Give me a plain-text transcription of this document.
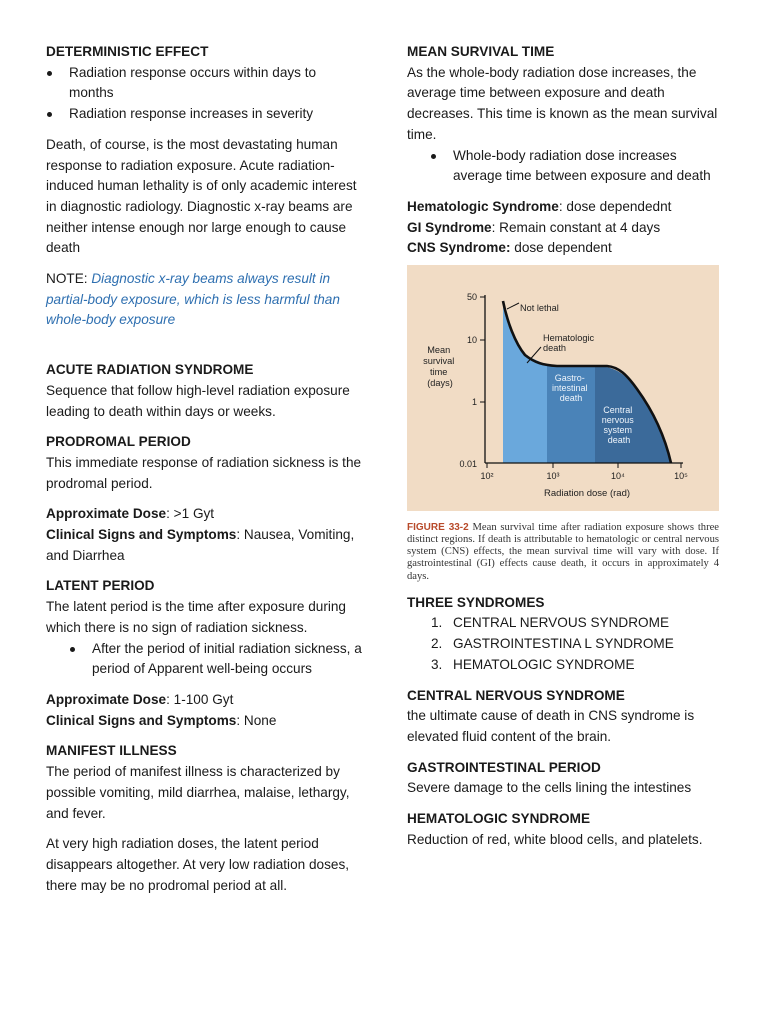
DETERMINISTIC EFFECT
Radiation response occurs within days to months
Radiation response increases in severity

Death, of course, is the most devastating human response to radiation exposure. Acute radiation-induced human lethality is of only academic interest in diagnostic radiology. Diagnostic x-ray beams are neither intense enough nor large enough to cause death

NOTE: Diagnostic x-ray beams always result in partial-body exposure, which is less harmful than whole-body exposure

ACUTE RADIATION SYNDROME

Sequence that follow high-level radiation exposure leading to death within days or weeks.

PRODROMAL PERIOD

This immediate response of radiation sickness is the prodromal period.

Approximate Dose: >1 Gyt

Clinical Signs and Symptoms: Nausea, Vomiting, and Diarrhea

LATENT PERIOD

The latent period is the time after exposure during which there is no sign of radiation sickness.

After the period of initial radiation sickness, a period of Apparent well-being occurs

Approximate Dose: 1-100 Gyt

Clinical Signs and Symptoms: None

MANIFEST ILLNESS

The period of manifest illness is characterized by possible vomiting, mild diarrhea, malaise, lethargy, and fever.

At very high radiation doses, the latent period disappears altogether. At very low radiation doses, there may be no prodromal period at all.

MEAN SURVIVAL TIME

As the whole-body radiation dose increases, the average time between exposure and death decreases. This time is known as the mean survival time.

Whole-body radiation dose increases average time between exposure and death

Hematologic Syndrome: dose dependednt

GI Syndrome: Remain constant at 4 days

CNS Syndrome: dose dependent

50
10
1
0.01
10²	10³	10⁴	10⁵
Radiation dose (rad)
Mean survival time (days)
Not lethal
Hematologic death
Gastro- intestinal death
Central nervous system death
FIGURE 33-2 Mean survival time after radiation exposure shows three distinct regions. If death is attributable to hematologic or central nervous system (CNS) effects, the mean survival time will vary with dose. If gastrointestinal (GI) effects cause death, it occurs in approximately 4 days.
THREE SYNDROMES
1. CENTRAL NERVOUS SYNDROME
2. GASTROINTESTINA L SYNDROME
3. HEMATOLOGIC SYNDROME
CENTRAL NERVOUS SYNDROME

the ultimate cause of death in CNS syndrome is elevated fluid content of the brain.

GASTROINTESTINAL PERIOD

Severe damage to the cells lining the intestines

HEMATOLOGIC SYNDROME

Reduction of red, white blood cells, and platelets.
